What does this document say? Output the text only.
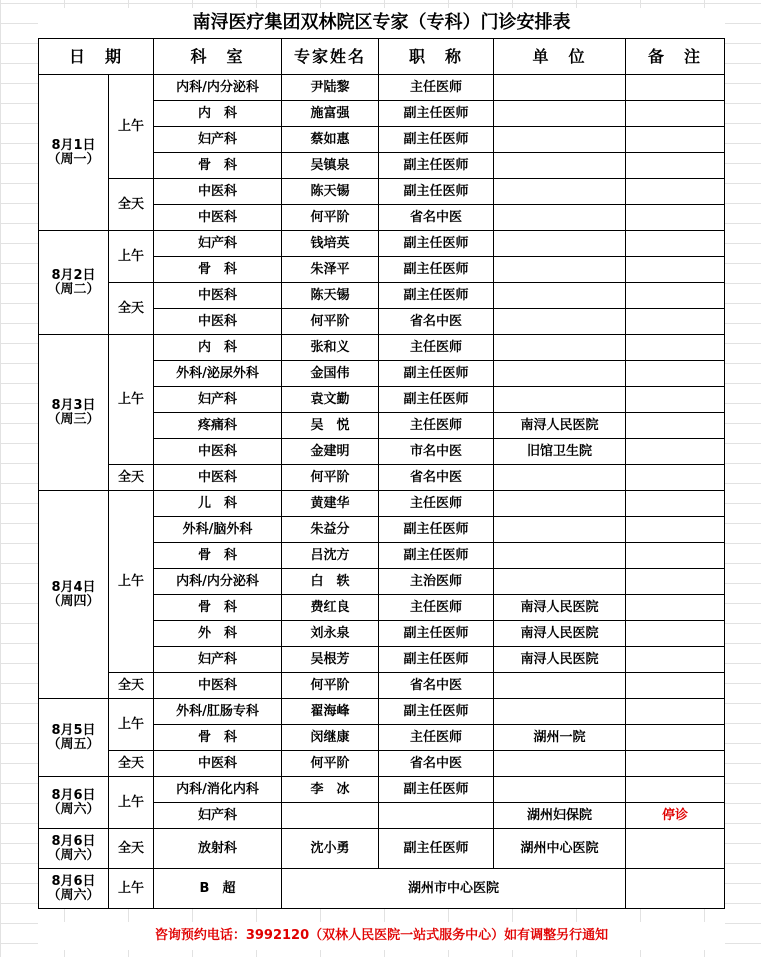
南浔医疗集团双林院区专家（专科）门诊安排表
日　期		科　室	专家姓名	职　称	单　位	备　注

8月1日
（周一）	上午	内科/内分泌科	尹陆黎	主任医师		
		内　科	施富强	副主任医师		
		妇产科	蔡如惠	副主任医师		
		骨　科	吴镇泉	副主任医师		
	全天	中医科	陈天锡	副主任医师		
		中医科	何平阶	省名中医		

8月2日
（周二）	上午	妇产科	钱培英	副主任医师		
		骨　科	朱泽平	副主任医师		
	全天	中医科	陈天锡	副主任医师		
		中医科	何平阶	省名中医		

8月3日
（周三）	上午	内　科	张和义	主任医师		
		外科/泌尿外科	金国伟	副主任医师		
		妇产科	袁文勤	副主任医师		
		疼痛科	吴　悦	主任医师	南浔人民医院	
		中医科	金建明	市名中医	旧馆卫生院	
	全天	中医科	何平阶	省名中医		

8月4日
（周四）	上午	儿　科	黄建华	主任医师		
		外科/脑外科	朱益分	副主任医师		
		骨　科	吕沈方	副主任医师		
		内科/内分泌科	白　轶	主治医师		
		骨　科	费红良	主任医师	南浔人民医院	
		外　科	刘永泉	副主任医师	南浔人民医院	
		妇产科	吴根芳	副主任医师	南浔人民医院	
	全天	中医科	何平阶	省名中医		

8月5日
（周五）	上午	外科/肛肠专科	翟海峰	副主任医师		
		骨　科	闵继康	主任医师	湖州一院	
	全天	中医科	何平阶	省名中医		

8月6日
（周六）	上午	内科/消化内科	李　冰	副主任医师		
		妇产科			湖州妇保院	停诊

8月6日
（周六）	全天	放射科	沈小勇	副主任医师	湖州中心医院	

8月6日
（周六）	上午	B　超	湖州市中心医院			
咨询预约电话：3992120（双林人民医院一站式服务中心）如有调整另行通知
